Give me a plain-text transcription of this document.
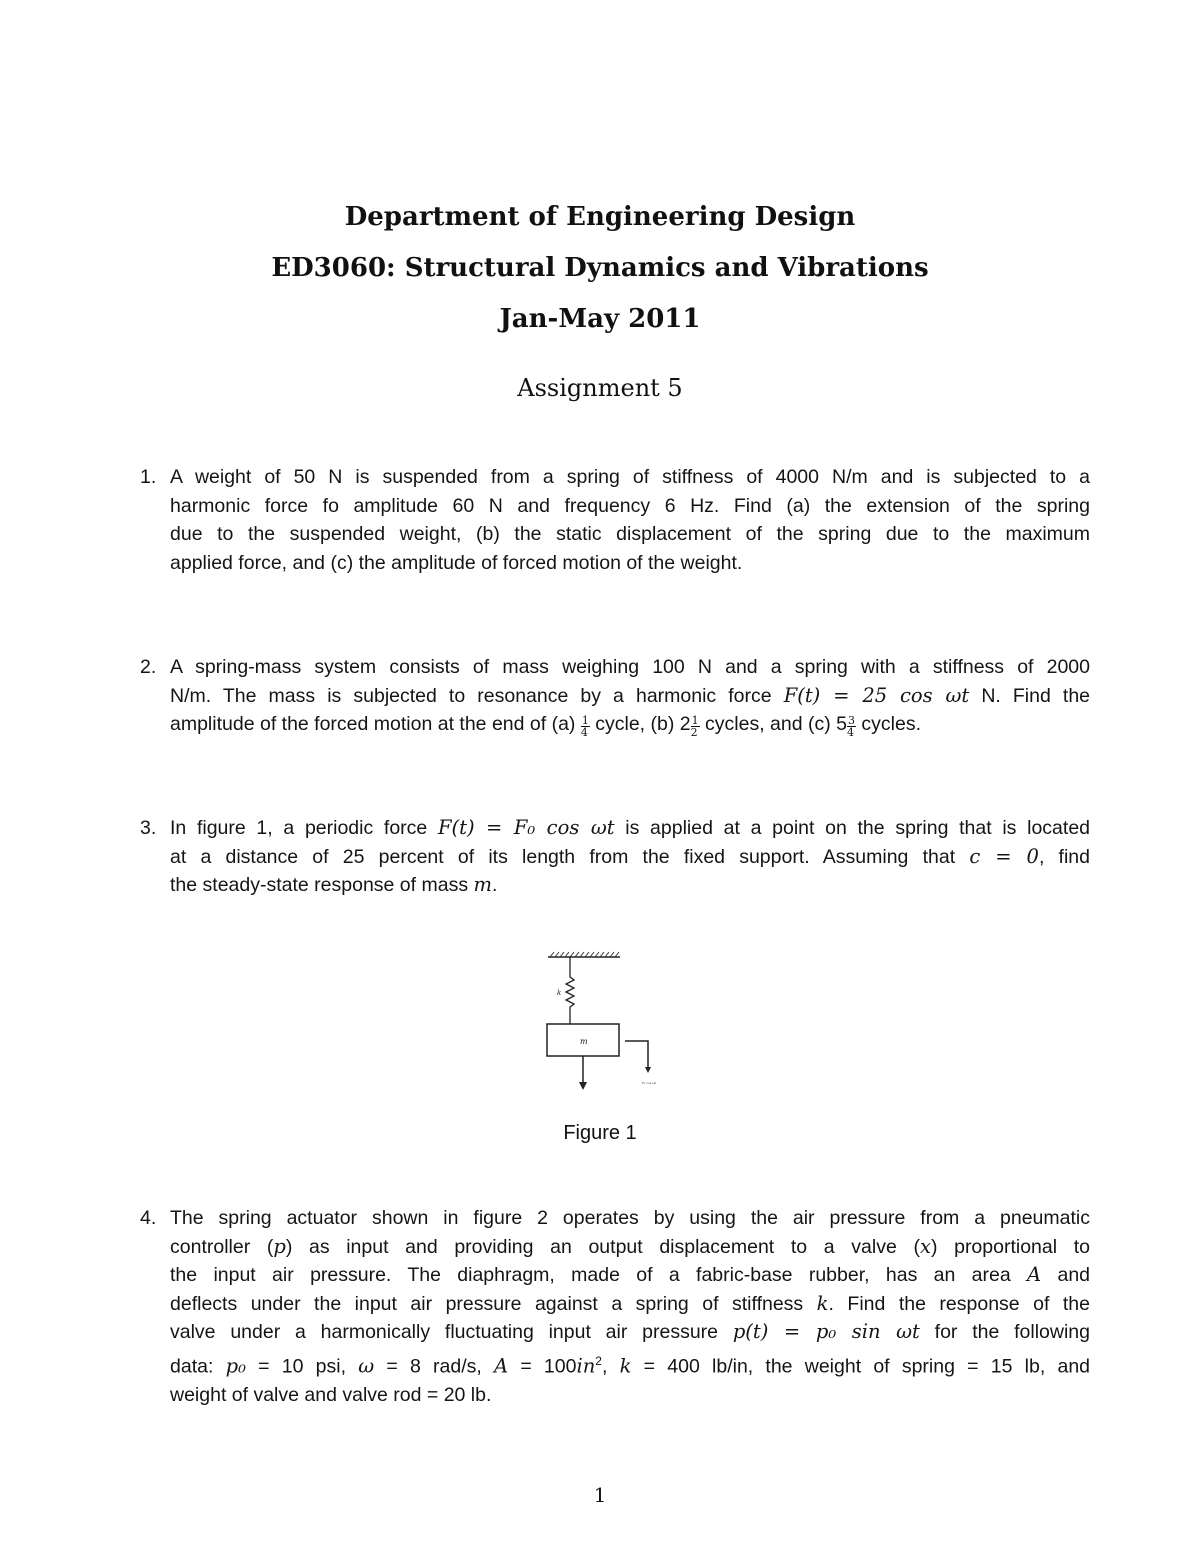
Department of Engineering Design
ED3060: Structural Dynamics and Vibrations
Jan-May 2011
Assignment 5
1. A weight of 50 N is suspended from a spring of stiffness of 4000 N/m and is subjected to a
harmonic force fo amplitude 60 N and frequency 6 Hz. Find (a) the extension of the spring
due to the suspended weight, (b) the static displacement of the spring due to the maximum
applied force, and (c) the amplitude of forced motion of the weight.
2. A spring-mass system consists of mass weighing 100 N and a spring with a stiffness of 2000
N/m. The mass is subjected to resonance by a harmonic force F(t) = 25 cos ωt N. Find the
amplitude of the forced motion at the end of $(a) \frac{1}{4}$ cycle, (b) $2 \frac{1}{2}$ cycles, and (c) $5 \frac{3}{4}$ cycles.
3. In figure 1, a periodic force F(t) = F₀ cos ωt is applied at a point on the spring that is located
at a distance of 25 percent of its length from the fixed support. Assuming that c = 0, find
the steady-state response of mass m.
k
m
F₀ cos ωt
Figure 1
4. The spring actuator shown in figure 2 operates by using the air pressure from a pneumatic
controller (p) as input and providing an output displacement to a valve (x) proportional to
the input air pressure. The diaphragm, made of a fabric-base rubber, has an area A and
deflects under the input air pressure against a spring of stiffness k. Find the response of the
valve under a harmonically fluctuating input air pressure p(t) = p₀ sin ωt for the following
data: p₀ = 10 psi, ω = 8 rad/s, $A = 100in^2$, k = 400 lb/in, the weight of spring = 15 lb, and
weight of valve and valve rod = 20 lb.
1
